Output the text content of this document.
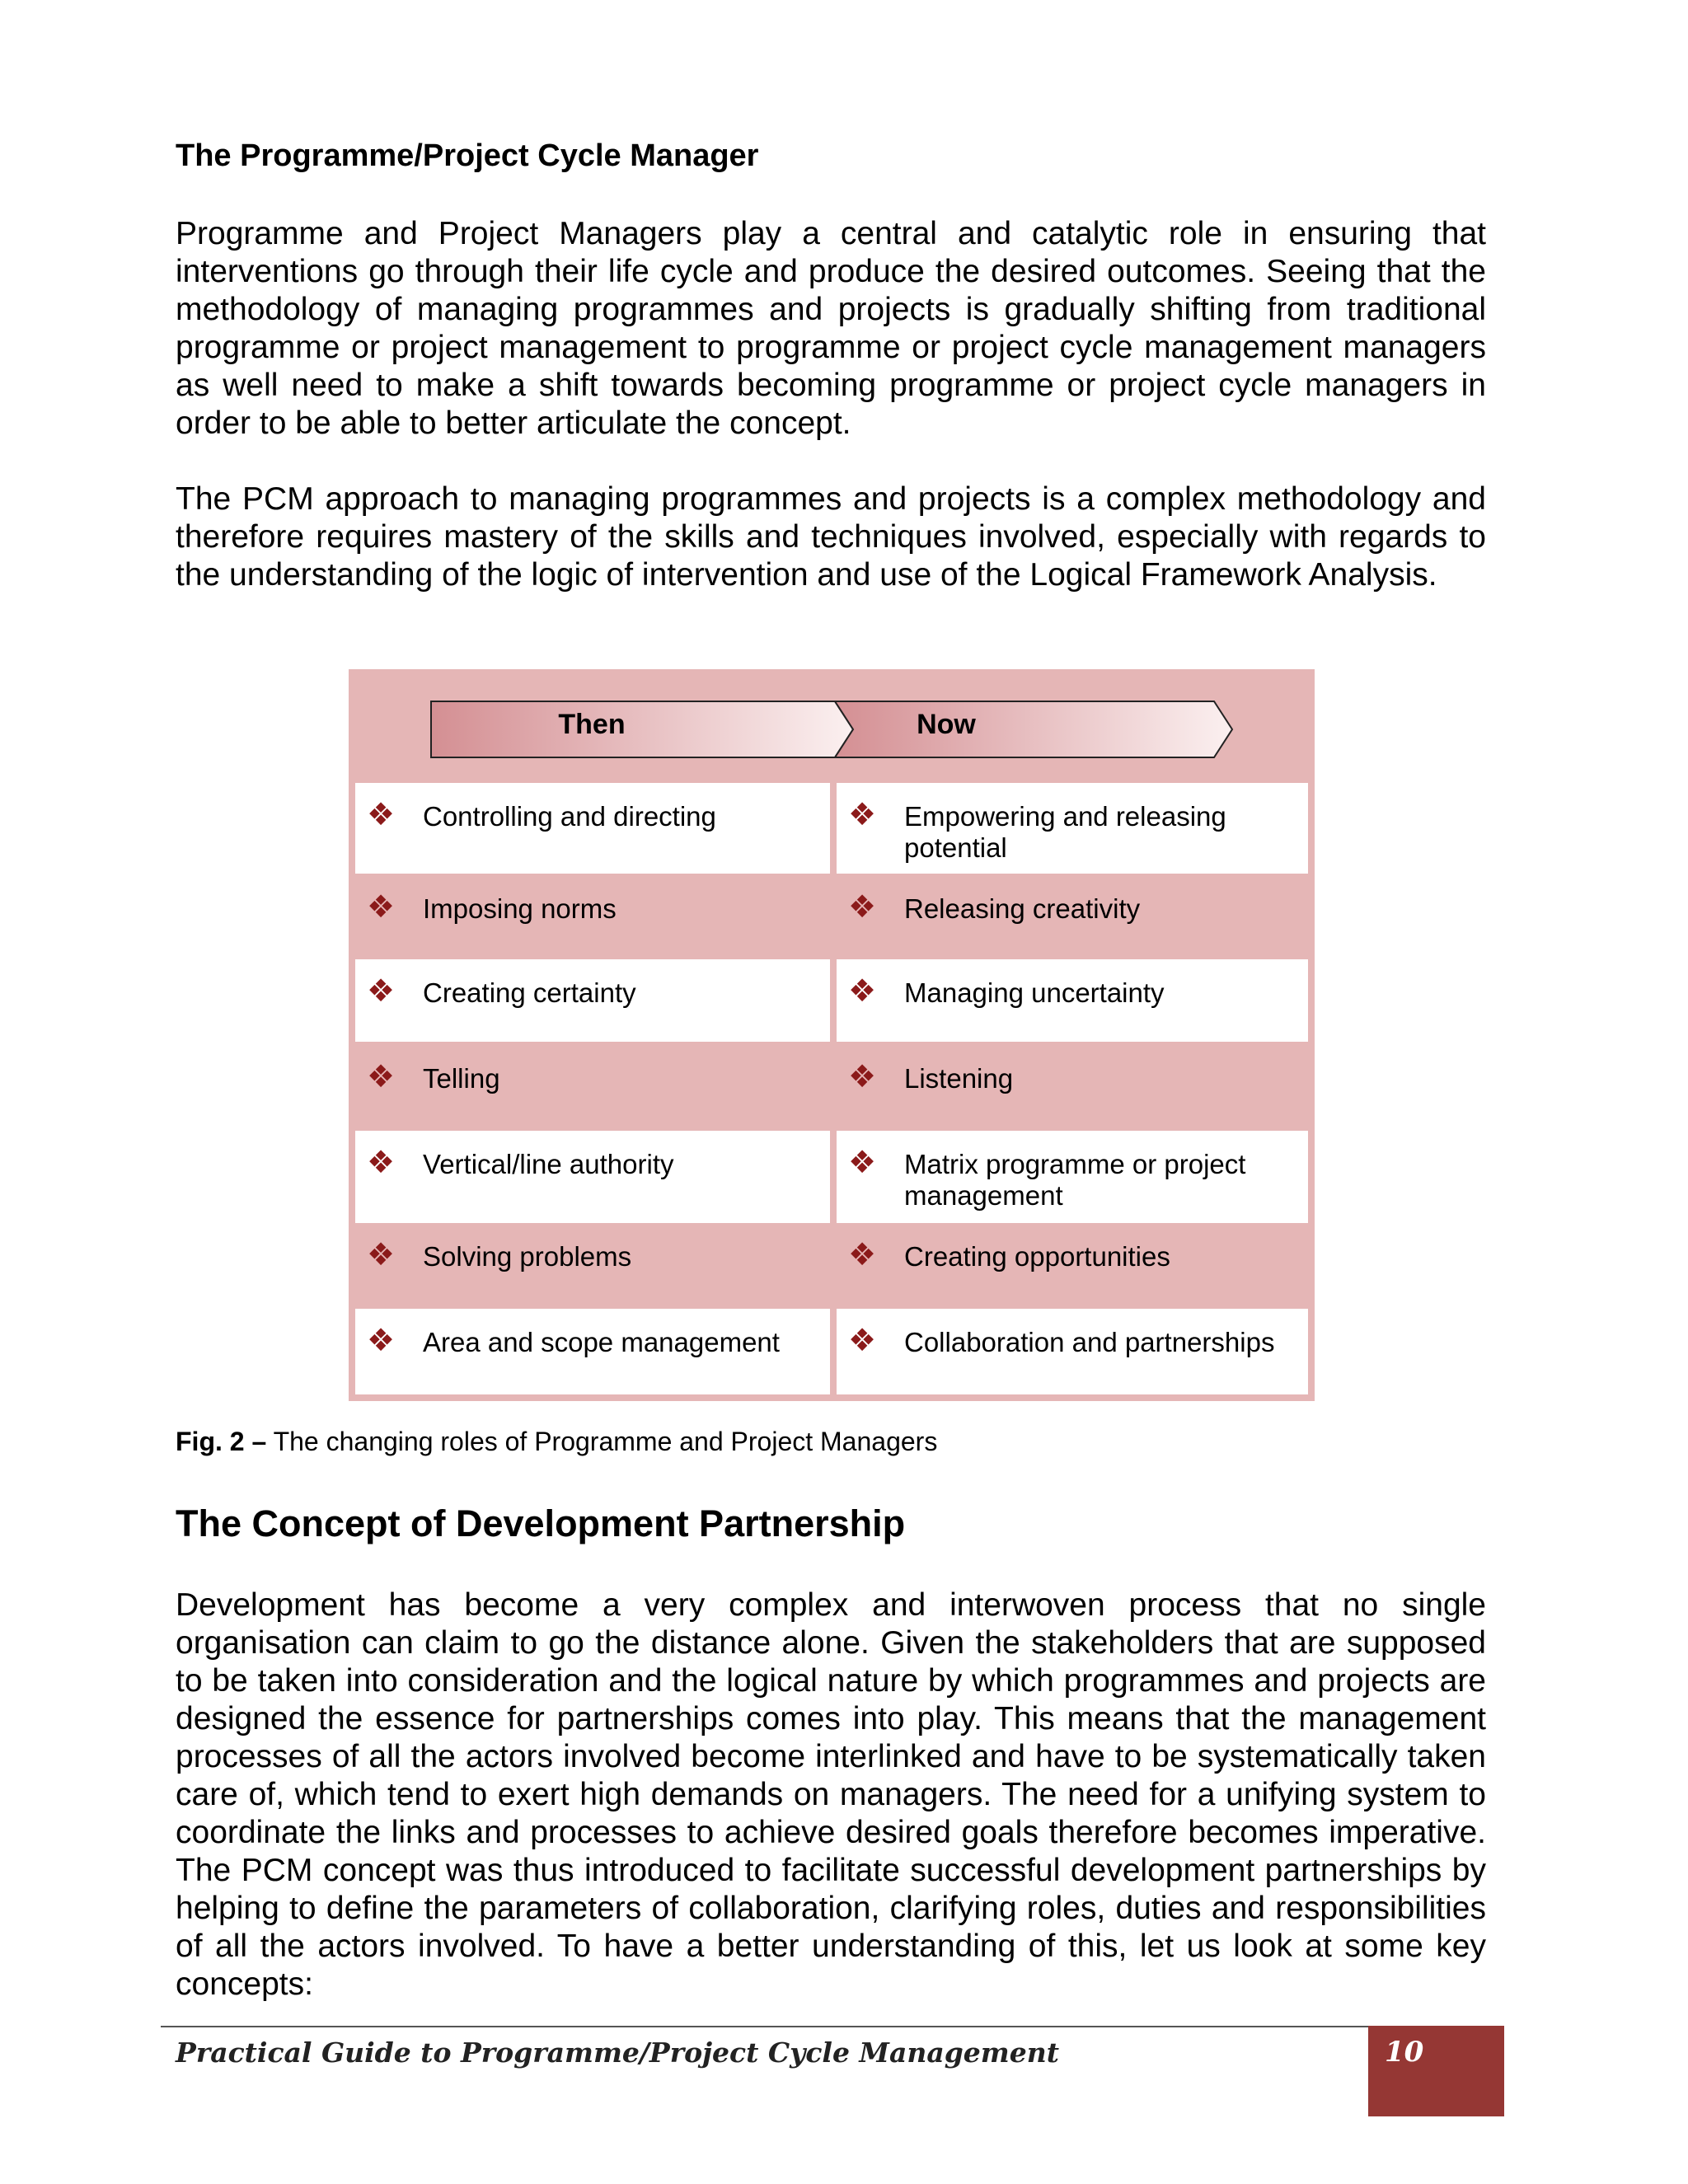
The Programme/Project Cycle Manager

Programme and Project Managers play a central and catalytic role in ensuring that interventions go through their life cycle and produce the desired outcomes. Seeing that the methodology of managing programmes and projects is gradually shifting from traditional programme or project management to programme or project cycle management managers as well need to make a shift towards becoming programme or project cycle managers in order to be able to better articulate the concept.

The PCM approach to managing programmes and projects is a complex methodology and therefore requires mastery of the skills and techniques involved, especially with regards to the understanding of the logic of intervention and use of the Logical Framework Analysis.

Then	Now
❖ Controlling and directing	❖ Empowering and releasing potential
❖ Imposing norms	❖ Releasing creativity
❖ Creating certainty	❖ Managing uncertainty
❖ Telling	❖ Listening
❖ Vertical/line authority	❖ Matrix programme or project management
❖ Solving problems	❖ Creating opportunities
❖ Area and scope management	❖ Collaboration and partnerships

Fig. 2 – The changing roles of Programme and Project Managers

The Concept of Development Partnership

Development has become a very complex and interwoven process that no single organisation can claim to go the distance alone. Given the stakeholders that are supposed to be taken into consideration and the logical nature by which programmes and projects are designed the essence for partnerships comes into play. This means that the management processes of all the actors involved become interlinked and have to be systematically taken care of, which tend to exert high demands on managers. The need for a unifying system to coordinate the links and processes to achieve desired goals therefore becomes imperative. The PCM concept was thus introduced to facilitate successful development partnerships by helping to define the parameters of collaboration, clarifying roles, duties and responsibilities of all the actors involved. To have a better understanding of this, let us look at some key concepts:

Practical Guide to Programme/Project Cycle Management	10
